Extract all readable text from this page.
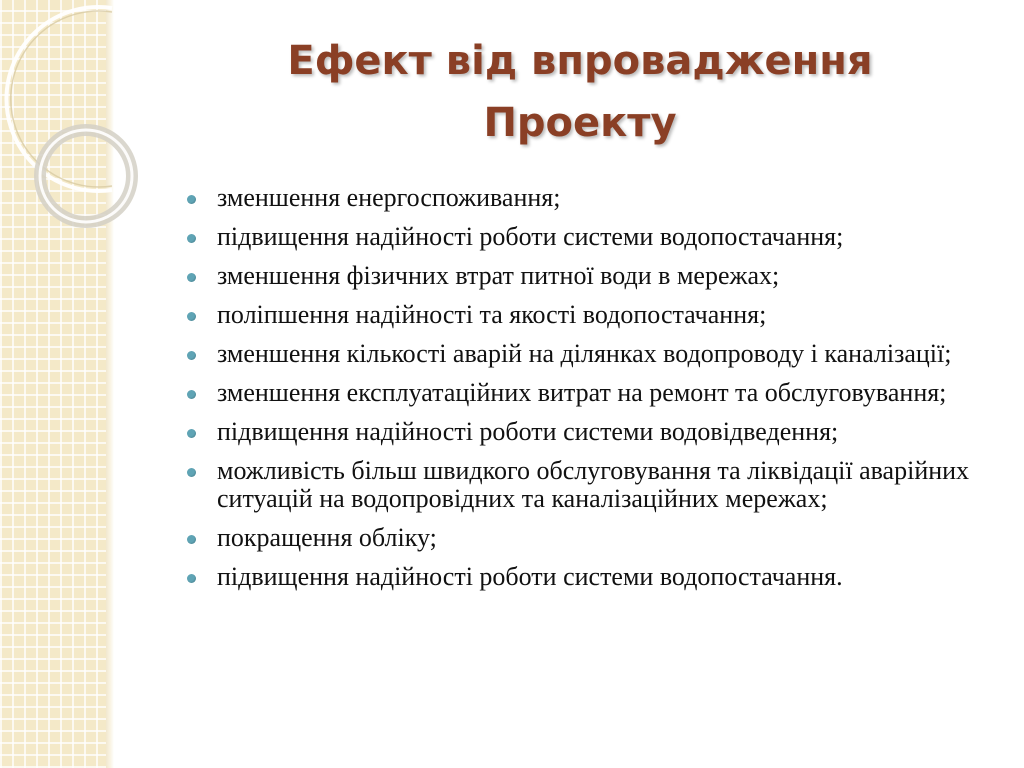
Ефект від впровадження
Проекту
зменшення енергоспоживання;
підвищення надійності роботи системи водопостачання;
зменшення фізичних втрат питної води в мережах;
поліпшення надійності та якості водопостачання;
зменшення кількості аварій на ділянках водопроводу і каналізації;
зменшення експлуатаційних витрат на ремонт та обслуговування;
підвищення надійності роботи системи водовідведення;
можливість більш швидкого обслуговування та ліквідації аварійних ситуацій на водопровідних та каналізаційних мережах;
покращення обліку;
підвищення надійності роботи системи водопостачання.
